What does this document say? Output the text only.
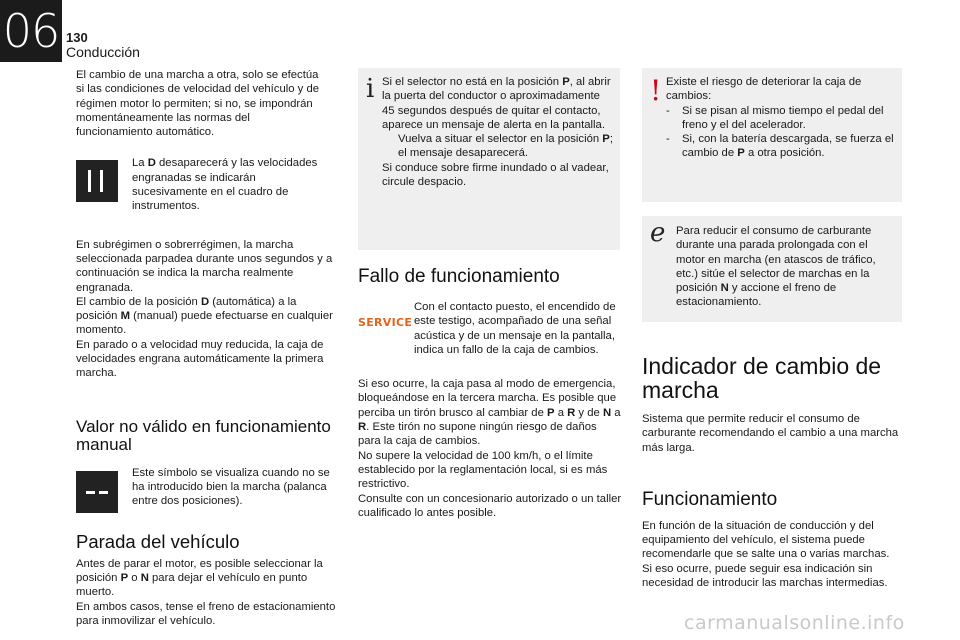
06 130
Conducción

El cambio de una marcha a otra, solo se efectúa si las condiciones de velocidad del vehículo y de régimen motor lo permiten; si no, se impondrán momentáneamente las normas del funcionamiento automático.

La D desaparecerá y las velocidades engranadas se indicarán sucesivamente en el cuadro de instrumentos.

En subrégimen o sobrerrégimen, la marcha seleccionada parpadea durante unos segundos y a continuación se indica la marcha realmente engranada.

El cambio de la posición D (automática) a la posición M (manual) puede efectuarse en cualquier momento.

En parado o a velocidad muy reducida, la caja de velocidades engrana automáticamente la primera marcha.

Valor no válido en funcionamiento manual

Este símbolo se visualiza cuando no se ha introducido bien la marcha (palanca entre dos posiciones).

Parada del vehículo

Antes de parar el motor, es posible seleccionar la posición P o N para dejar el vehículo en punto muerto.

En ambos casos, tense el freno de estacionamiento para inmovilizar el vehículo.

i Si el selector no está en la posición P, al abrir la puerta del conductor o aproximadamente 45 segundos después de quitar el contacto, aparece un mensaje de alerta en la pantalla.

Vuelva a situar el selector en la posición P; el mensaje desaparecerá.

Si conduce sobre firme inundado o al vadear, circule despacio.

Fallo de funcionamiento
SERVICE

Con el contacto puesto, el encendido de este testigo, acompañado de una señal acústica y de un mensaje en la pantalla, indica un fallo de la caja de cambios.

Si eso ocurre, la caja pasa al modo de emergencia, bloqueándose en la tercera marcha. Es posible que perciba un tirón brusco al cambiar de P a R y de N a R. Este tirón no supone ningún riesgo de daños para la caja de cambios.

No supere la velocidad de 100 km/h, o el límite establecido por la reglamentación local, si es más restrictivo.

Consulte con un concesionario autorizado o un taller cualificado lo antes posible.

! Existe el riesgo de deteriorar la caja de cambios:

-	Si se pisan al mismo tiempo el pedal del freno y el del acelerador.
-	Si, con la batería descargada, se fuerza el cambio de P a otra posición.
e Para reducir el consumo de carburante durante una parada prolongada con el motor en marcha (en atascos de tráfico, etc.) sitúe el selector de marchas en la posición N y accione el freno de estacionamiento.

Indicador de cambio de marcha

Sistema que permite reducir el consumo de carburante recomendando el cambio a una marcha más larga.

Funcionamiento

En función de la situación de conducción y del equipamiento del vehículo, el sistema puede recomendarle que se salte una o varias marchas.

Si eso ocurre, puede seguir esa indicación sin necesidad de introducir las marchas intermedias.

carmanualsonline.info
